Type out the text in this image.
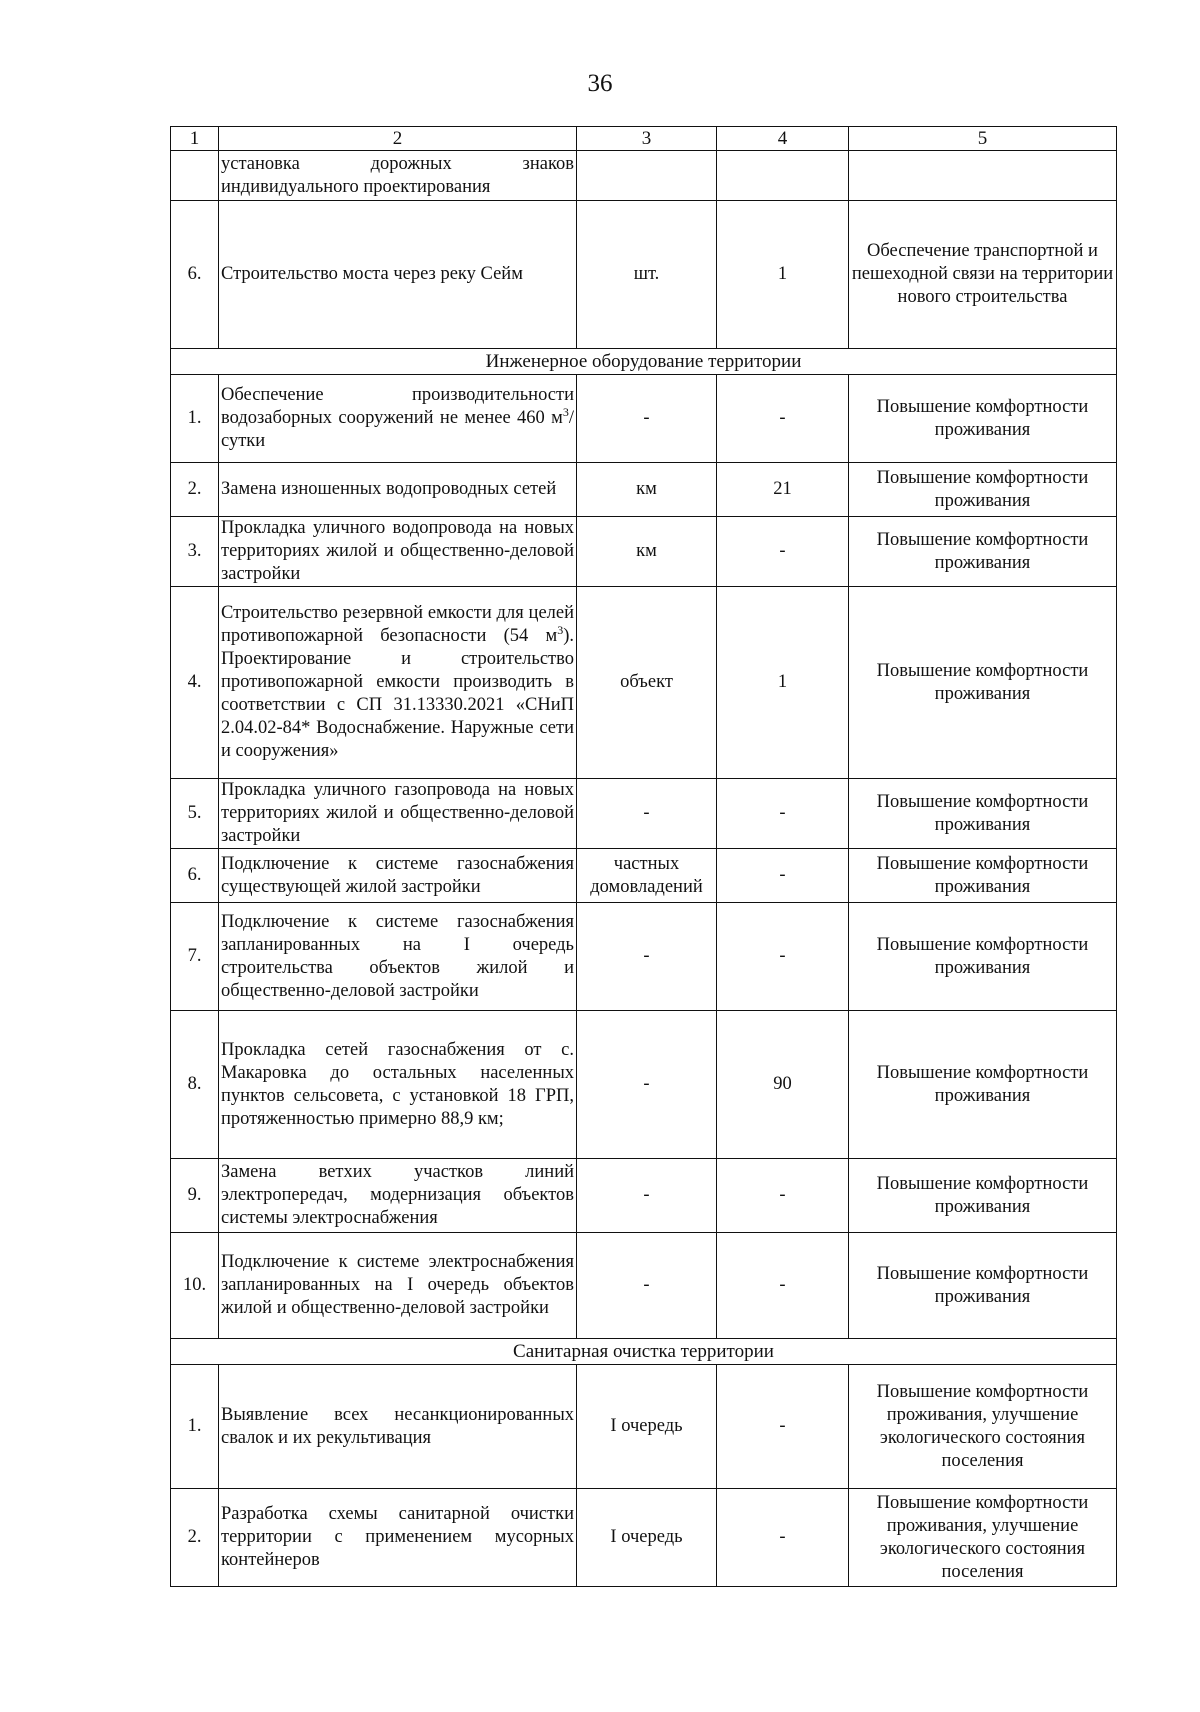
36
1	2	3	4	5
	установка дорожных знаков индивидуального проектирования			
6.	Строительство моста через реку Сейм	шт.	1	Обеспечение транспортной и пешеходной связи на территории нового строительства
Инженерное оборудование территории				
1.	Обеспечение производительности водозаборных сооружений не менее 460 $м^3$/сутки	-	-	Повышение комфортности проживания
2.	Замена изношенных водопроводных сетей	км	21	Повышение комфортности проживания
3.	Прокладка уличного водопровода на новых территориях жилой и общественно-деловой застройки	км	-	Повышение комфортности проживания
4.	Строительство резервной емкости для целей противопожарной безопасности (54 $м^3$). Проектирование и строительство противопожарной емкости производить в соответствии с СП 31.13330.2021 «СНиП 2.04.02-84* Водоснабжение. Наружные сети и сооружения»	объект	1	Повышение комфортности проживания
5.	Прокладка уличного газопровода на новых территориях жилой и общественно-деловой застройки	-	-	Повышение комфортности проживания
6.	Подключение к системе газоснабжения существующей жилой застройки	частных домовладений	-	Повышение комфортности проживания
7.	Подключение к системе газоснабжения запланированных на I очередь строительства объектов жилой и общественно-деловой застройки	-	-	Повышение комфортности проживания
8.	Прокладка сетей газоснабжения от с. Макаровка до остальных населенных пунктов сельсовета, с установкой 18 ГРП, протяженностью примерно 88,9 км;	-	90	Повышение комфортности проживания
9.	Замена ветхих участков линий электропередач, модернизация объектов системы электроснабжения	-	-	Повышение комфортности проживания
10.	Подключение к системе электроснабжения запланированных на I очередь объектов жилой и общественно-деловой застройки	-	-	Повышение комфортности проживания
Санитарная очистка территории				
1.	Выявление всех несанкционированных свалок и их рекультивация	I очередь	-	Повышение комфортности проживания, улучшение экологического состояния поселения
2.	Разработка схемы санитарной очистки территории с применением мусорных контейнеров	I очередь	-	Повышение комфортности проживания, улучшение экологического состояния поселения
